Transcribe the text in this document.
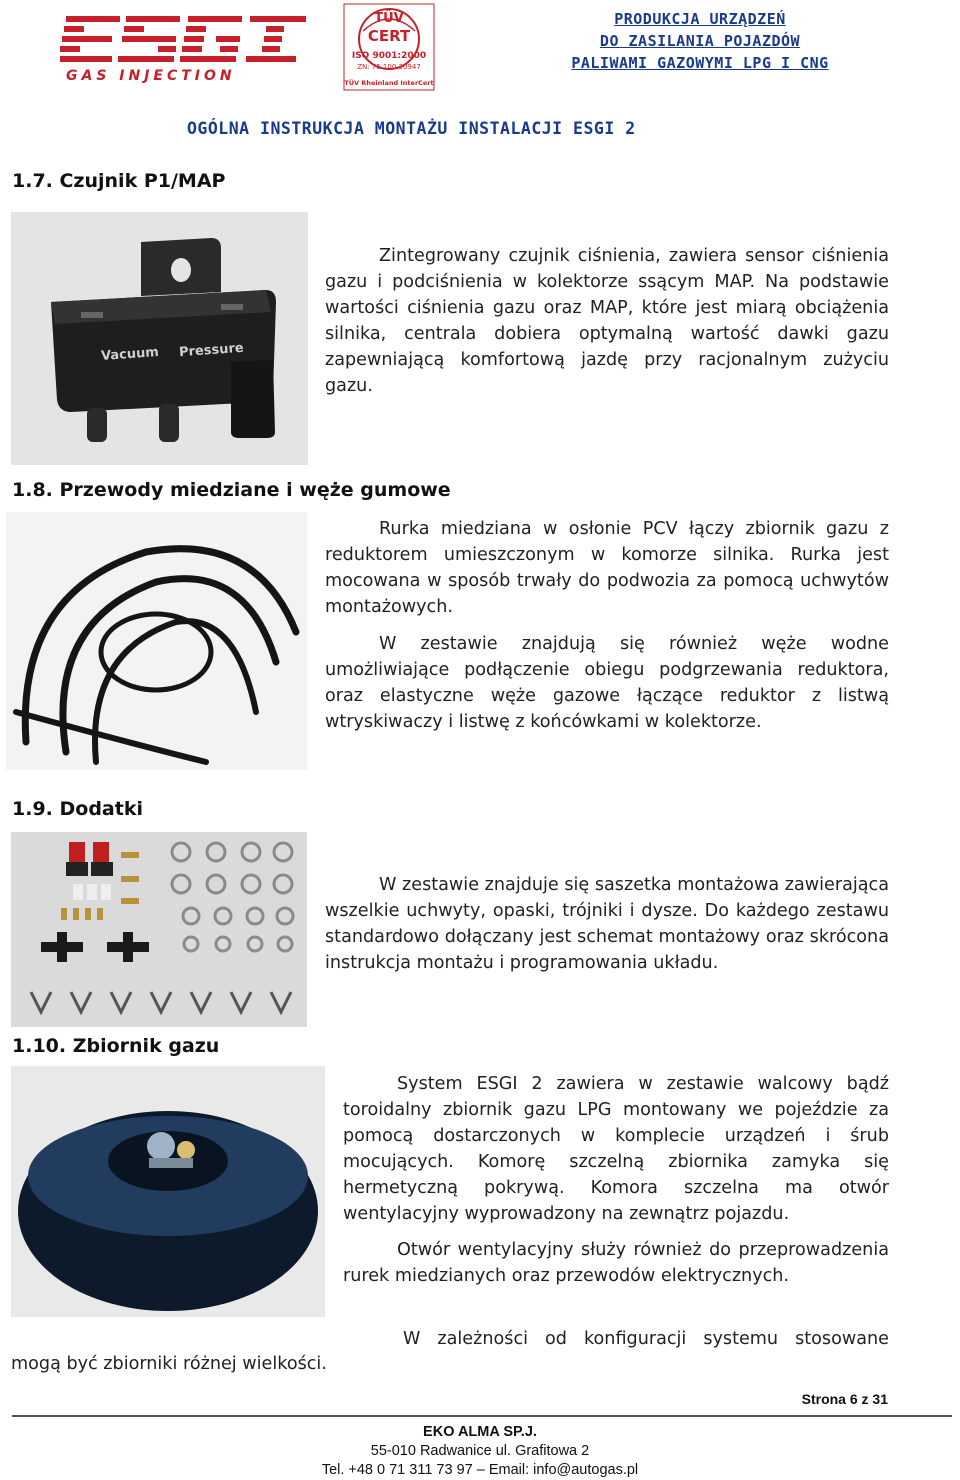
GAS INJECTION
TÜV
CERT
ISO 9001:2000
ZN: 75.100.30947
TÜV Rheinland InterCert
PRODUKCJA URZĄDZEŃ
DO ZASILANIA POJAZDÓW
PALIWAMI GAZOWYMI LPG I CNG
OGÓLNA INSTRUKCJA MONTAŻU INSTALACJI ESGI 2
1.7. Czujnik P1/MAP
Vacuum Pressure
Zintegrowany czujnik ciśnienia, zawiera sensor ciśnienia gazu i podciśnienia w kolektorze ssącym MAP. Na podstawie wartości ciśnienia gazu oraz MAP, które jest miarą obciążenia silnika, centrala dobiera optymalną wartość dawki gazu zapewniającą komfortową jazdę przy racjonalnym zużyciu gazu.
1.8. Przewody miedziane i węże gumowe
Rurka miedziana w osłonie PCV łączy zbiornik gazu z reduktorem umieszczonym w komorze silnika. Rurka jest mocowana w sposób trwały do podwozia za pomocą uchwytów montażowych.
W zestawie znajdują się również węże wodne umożliwiające podłączenie obiegu podgrzewania reduktora, oraz elastyczne węże gazowe łączące reduktor z listwą wtryskiwaczy i listwę z końcówkami w kolektorze.
1.9. Dodatki
W zestawie znajduje się saszetka montażowa zawierająca wszelkie uchwyty, opaski, trójniki i dysze. Do każdego zestawu standardowo dołączany jest schemat montażowy oraz skrócona instrukcja montażu i programowania układu.
1.10. Zbiornik gazu
System ESGI 2 zawiera w zestawie walcowy bądź toroidalny zbiornik gazu LPG montowany we pojeździe za pomocą dostarczonych w komplecie urządzeń i śrub mocujących. Komorę szczelną zbiornika zamyka się hermetyczną pokrywą. Komora szczelna ma otwór wentylacyjny wyprowadzony na zewnątrz pojazdu.
Otwór wentylacyjny służy również do przeprowadzenia rurek miedzianych oraz przewodów elektrycznych.
W zależności od konfiguracji systemu stosowane
mogą być zbiorniki różnej wielkości.
Strona 6 z 31
EKO ALMA SP.J.
55-010 Radwanice ul. Grafitowa 2
Tel. +48 0 71 311 73 97 – Email: info@autogas.pl
